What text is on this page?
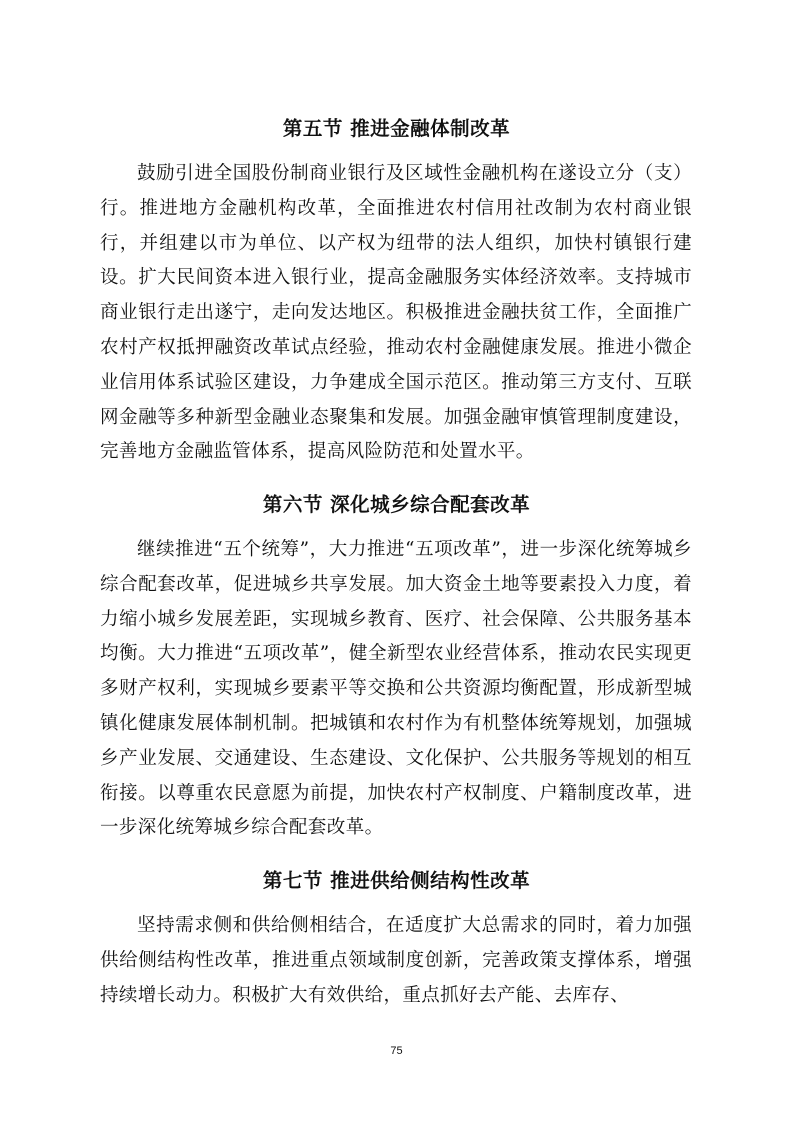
第五节 推进金融体制改革

鼓励引进全国股份制商业银行及区域性金融机构在遂设立分（支）行。推进地方金融机构改革，全面推进农村信用社改制为农村商业银行，并组建以市为单位、以产权为纽带的法人组织，加快村镇银行建设。扩大民间资本进入银行业，提高金融服务实体经济效率。支持城市商业银行走出遂宁，走向发达地区。积极推进金融扶贫工作，全面推广农村产权抵押融资改革试点经验，推动农村金融健康发展。推进小微企业信用体系试验区建设，力争建成全国示范区。推动第三方支付、互联网金融等多种新型金融业态聚集和发展。加强金融审慎管理制度建设，完善地方金融监管体系，提高风险防范和处置水平。

第六节 深化城乡综合配套改革

继续推进“五个统筹”，大力推进“五项改革”，进一步深化统筹城乡综合配套改革，促进城乡共享发展。加大资金土地等要素投入力度，着力缩小城乡发展差距，实现城乡教育、医疗、社会保障、公共服务基本均衡。大力推进“五项改革”，健全新型农业经营体系，推动农民实现更多财产权利，实现城乡要素平等交换和公共资源均衡配置，形成新型城镇化健康发展体制机制。把城镇和农村作为有机整体统筹规划，加强城乡产业发展、交通建设、生态建设、文化保护、公共服务等规划的相互衔接。以尊重农民意愿为前提，加快农村产权制度、户籍制度改革，进一步深化统筹城乡综合配套改革。

第七节 推进供给侧结构性改革

坚持需求侧和供给侧相结合，在适度扩大总需求的同时，着力加强供给侧结构性改革，推进重点领域制度创新，完善政策支撑体系，增强持续增长动力。积极扩大有效供给，重点抓好去产能、去库存、

75
